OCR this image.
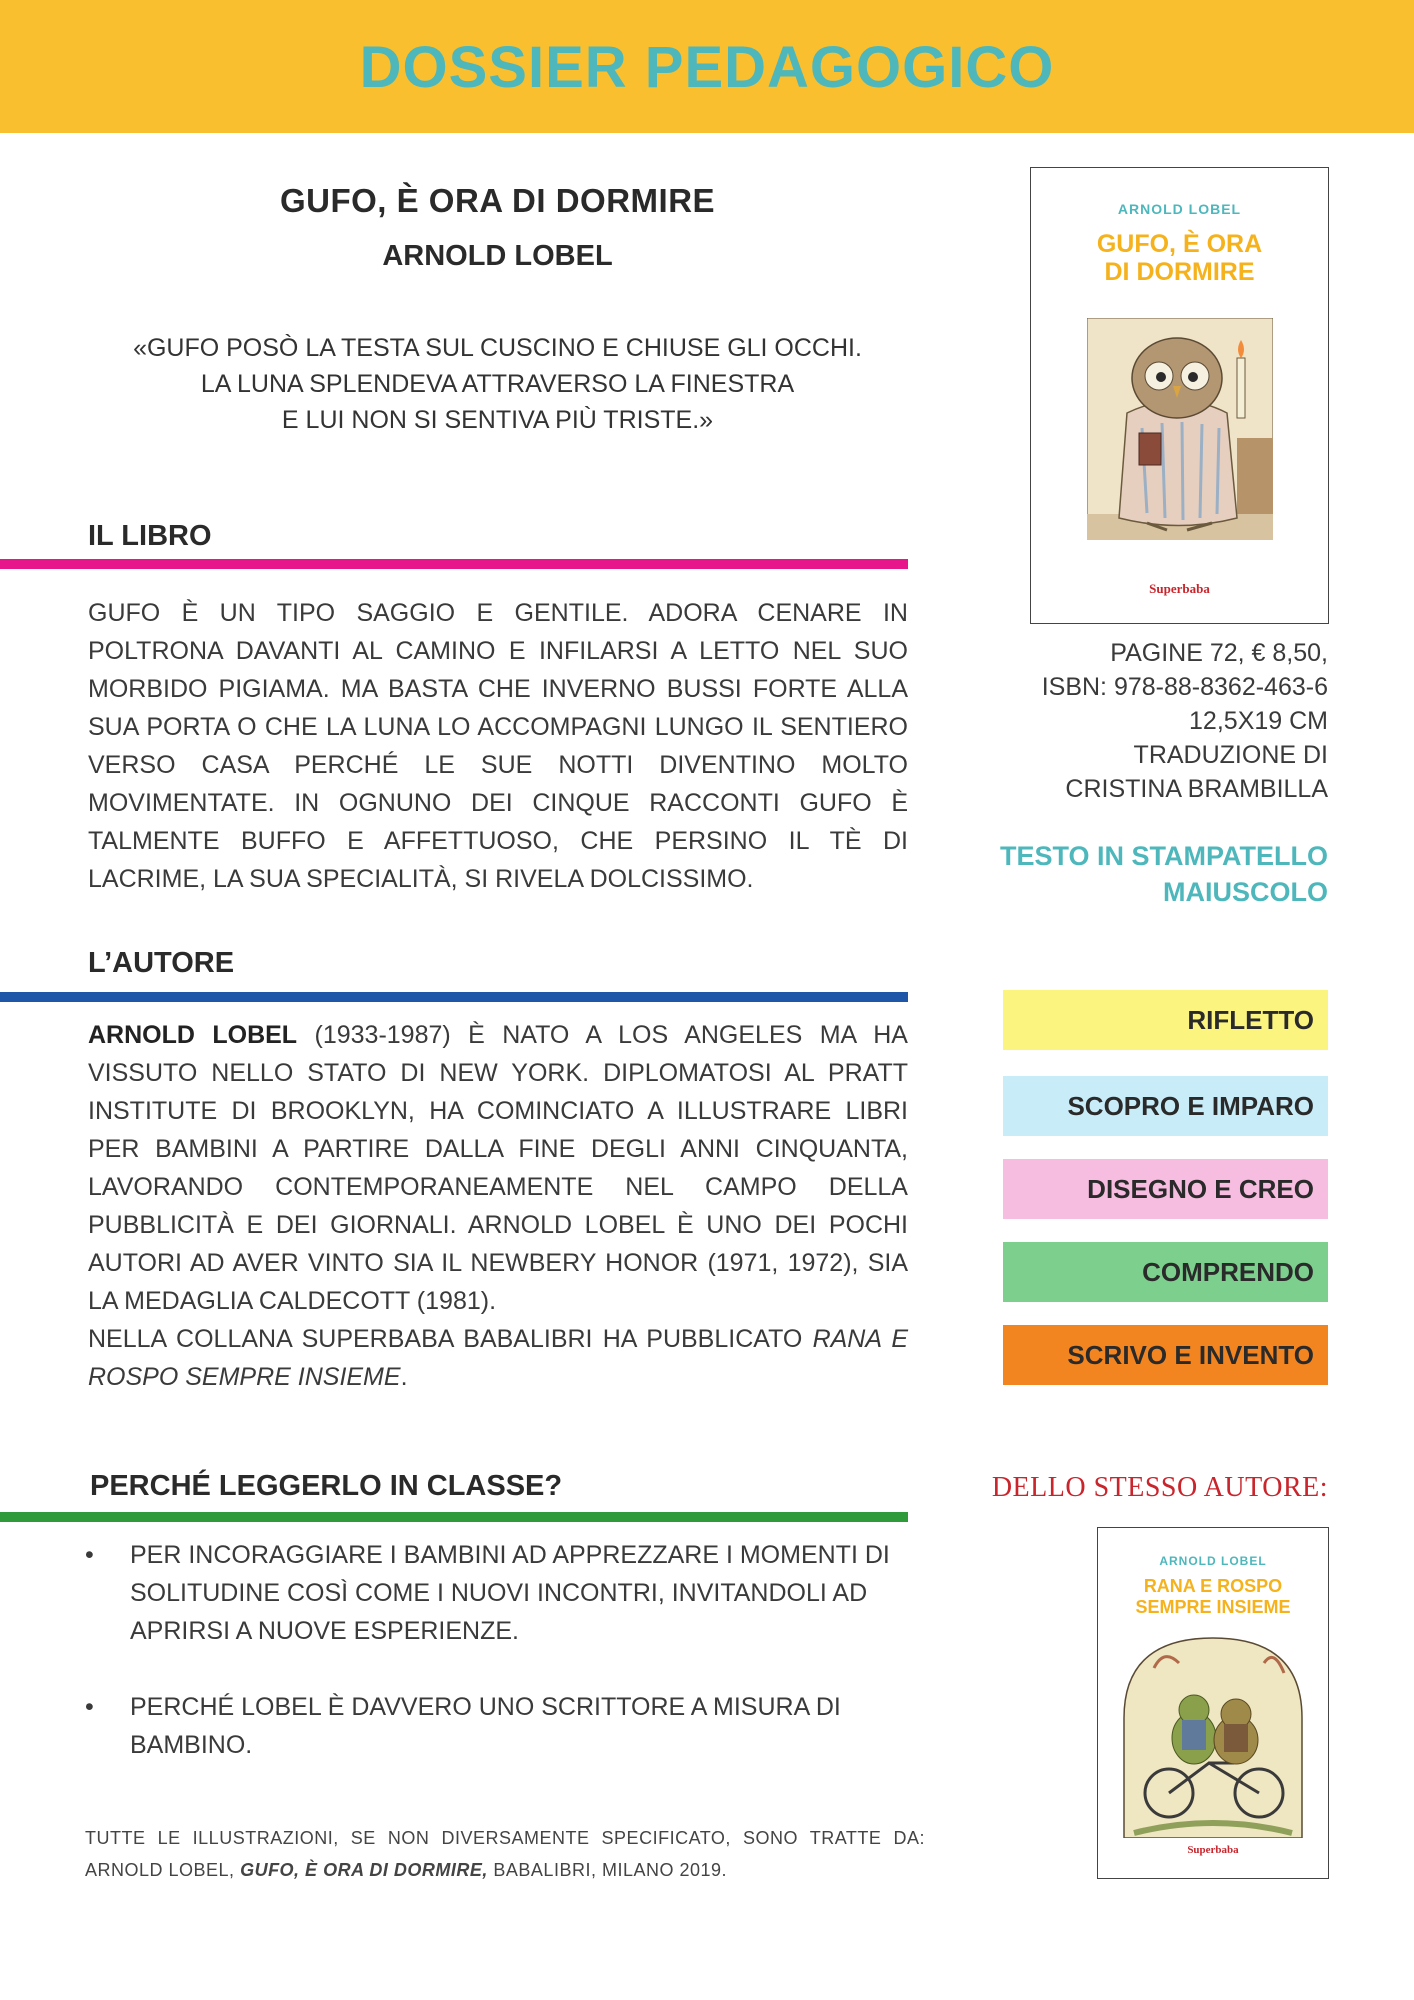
DOSSIER PEDAGOGICO
GUFO, È ORA DI DORMIRE
ARNOLD LOBEL
«GUFO POSÒ LA TESTA SUL CUSCINO E CHIUSE GLI OCCHI.
LA LUNA SPLENDEVA ATTRAVERSO LA FINESTRA
E LUI NON SI SENTIVA PIÙ TRISTE.»
IL LIBRO

GUFO È UN TIPO SAGGIO E GENTILE. ADORA CENARE IN POLTRONA DAVANTI AL CAMINO E INFILARSI A LETTO NEL SUO MORBIDO PIGIAMA. MA BASTA CHE INVERNO BUSSI FORTE ALLA SUA PORTA O CHE LA LUNA LO ACCOMPAGNI LUNGO IL SENTIERO VERSO CASA PERCHÉ LE SUE NOTTI DIVENTINO MOLTO MOVIMENTATE. IN OGNUNO DEI CINQUE RACCONTI GUFO È TALMENTE BUFFO E AFFETTUOSO, CHE PERSINO IL TÈ DI LACRIME, LA SUA SPECIALITÀ, SI RIVELA DOLCISSIMO.

L’AUTORE

ARNOLD LOBEL (1933-1987) È NATO A LOS ANGELES MA HA VISSUTO NELLO STATO DI NEW YORK. DIPLOMATOSI AL PRATT INSTITUTE DI BROOKLYN, HA COMINCIATO A ILLUSTRARE LIBRI PER BAMBINI A PARTIRE DALLA FINE DEGLI ANNI CINQUANTA, LAVORANDO CONTEMPORANEAMENTE NEL CAMPO DELLA PUBBLICITÀ E DEI GIORNALI. ARNOLD LOBEL È UNO DEI POCHI AUTORI AD AVER VINTO SIA IL NEWBERY HONOR (1971, 1972), SIA LA MEDAGLIA CALDECOTT (1981).

NELLA COLLANA SUPERBABA BABALIBRI HA PUBBLICATO RANA E ROSPO SEMPRE INSIEME.

PERCHÉ LEGGERLO IN CLASSE?
• PER INCORAGGIARE I BAMBINI AD APPREZZARE I MOMENTI DI SOLITUDINE COSÌ COME I NUOVI INCONTRI, INVITANDOLI AD APRIRSI A NUOVE ESPERIENZE.
• PERCHÉ LOBEL È DAVVERO UNO SCRITTORE A MISURA DI BAMBINO.
TUTTE LE ILLUSTRAZIONI, SE NON DIVERSAMENTE SPECIFICATO, SONO TRATTE DA: ARNOLD LOBEL, GUFO, È ORA DI DORMIRE, BABALIBRI, MILANO 2019.
ARNOLD LOBEL
GUFO, È ORA
DI DORMIRE
Superbaba
PAGINE 72, € 8,50,
ISBN: 978-88-8362-463-6
12,5X19 CM
TRADUZIONE DI
CRISTINA BRAMBILLA
TESTO IN STAMPATELLO
MAIUSCOLO
RIFLETTO
SCOPRO E IMPARO
DISEGNO E CREO
COMPRENDO
SCRIVO E INVENTO
DELLO STESSO AUTORE:
ARNOLD LOBEL
RANA E ROSPO
SEMPRE INSIEME
Superbaba
